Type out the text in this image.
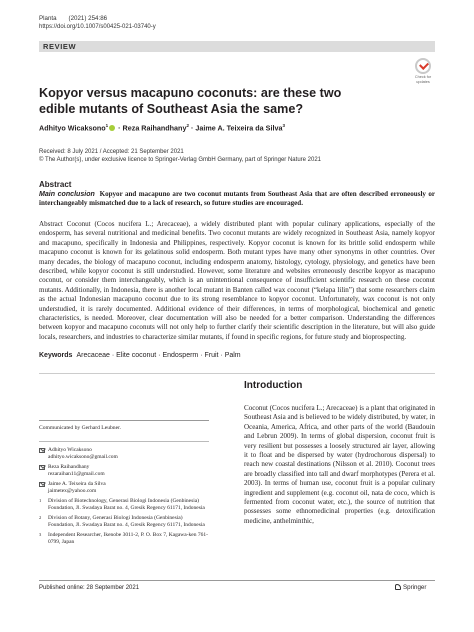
Planta (2021) 254:86
https://doi.org/10.1007/s00425-021-03740-y
REVIEW
Check for updates
Kopyor versus macapuno coconuts: are these two edible mutants of Southeast Asia the same?
Adhityo Wicaksono$^1$ · Reza Raihandhany$^2$ · Jaime A. Teixeira da Silva$^3$
Received: 8 July 2021 / Accepted: 21 September 2021
© The Author(s), under exclusive licence to Springer-Verlag GmbH Germany, part of Springer Nature 2021
Abstract
Main conclusion Kopyor and macapuno are two coconut mutants from Southeast Asia that are often described erroneously or interchangeably mismatched due to a lack of research, so future studies are encouraged.
Abstract Coconut (Cocos nucifera L.; Arecaceae), a widely distributed plant with popular culinary applications, especially of the endosperm, has several nutritional and medicinal benefits. Two coconut mutants are widely recognized in Southeast Asia, namely kopyor and macapuno, specifically in Indonesia and Philippines, respectively. Kopyor coconut is known for its brittle solid endosperm while macapuno coconut is known for its gelatinous solid endosperm. Both mutant types have many other synonyms in other countries. Over many decades, the biology of macapuno coconut, including endosperm anatomy, histology, cytology, physiology, and genetics have been described, while kopyor coconut is still understudied. However, some literature and websites erroneously describe kopyor as macapuno coconut, or consider them interchangeably, which is an unintentional consequence of insufficient scientific research on these coconut mutants. Additionally, in Indonesia, there is another local mutant in Banten called wax coconut (“kelapa lilin”) that some researchers claim as the actual Indonesian macapuno coconut due to its strong resemblance to kopyor coconut. Unfortunately, wax coconut is not only understudied, it is rarely documented. Additional evidence of their differences, in terms of morphological, biochemical and genetic characteristics, is needed. Moreover, clear documentation will also be needed for a better comparison. Understanding the differences between kopyor and macapuno coconuts will not only help to further clarify their scientific description in the literature, but will also guide locals, researchers, and industries to characterize similar mutants, if found in specific regions, for future study and bioprospecting.
Keywords Arecaceae · Elite coconut · Endosperm · Fruit · Palm
Introduction
Coconut (Cocos nucifera L.; Arecaceae) is a plant that originated in Southeast Asia and is believed to be widely distributed, by water, in Oceania, America, Africa, and other parts of the world (Baudouin and Lebrun 2009). In terms of global dispersion, coconut fruit is very resilient but possesses a loosely structured air layer, allowing it to float and be dispersed by water (hydrochorous dispersal) to reach new coastal destinations (Nilsson et al. 2010). Coconut trees are broadly classified into tall and dwarf morphotypes (Perera et al. 2003). In terms of human use, coconut fruit is a popular culinary ingredient and supplement (e.g. coconut oil, nata de coco, which is fermented from coconut water, etc.), the source of nutrition that possesses some ethnomedicinal properties (e.g. detoxification medicine, anthelminthic,
Communicated by Gerhard Leubner.
Adhityo Wicaksono
adhityo.wicaksono@gmail.com
Reza Raihandhany
rezaraihan11@gmail.com
Jaime A. Teixeira da Silva
jaimetex@yahoo.com
1 Division of Biotechnology, Generasi Biologi Indonesia (Genbinesia) Foundation, Jl. Swadaya Barat no. 4, Gresik Regency 61171, Indonesia
2 Division of Botany, Generasi Biologi Indonesia (Genbinesia) Foundation, Jl. Swadaya Barat no. 4, Gresik Regency 61171, Indonesia
3 Independent Researcher, Ikenobe 3011-2, P. O. Box 7, Kagawa-ken 761-0799, Japan
Published online: 28 September 2021	Springer
